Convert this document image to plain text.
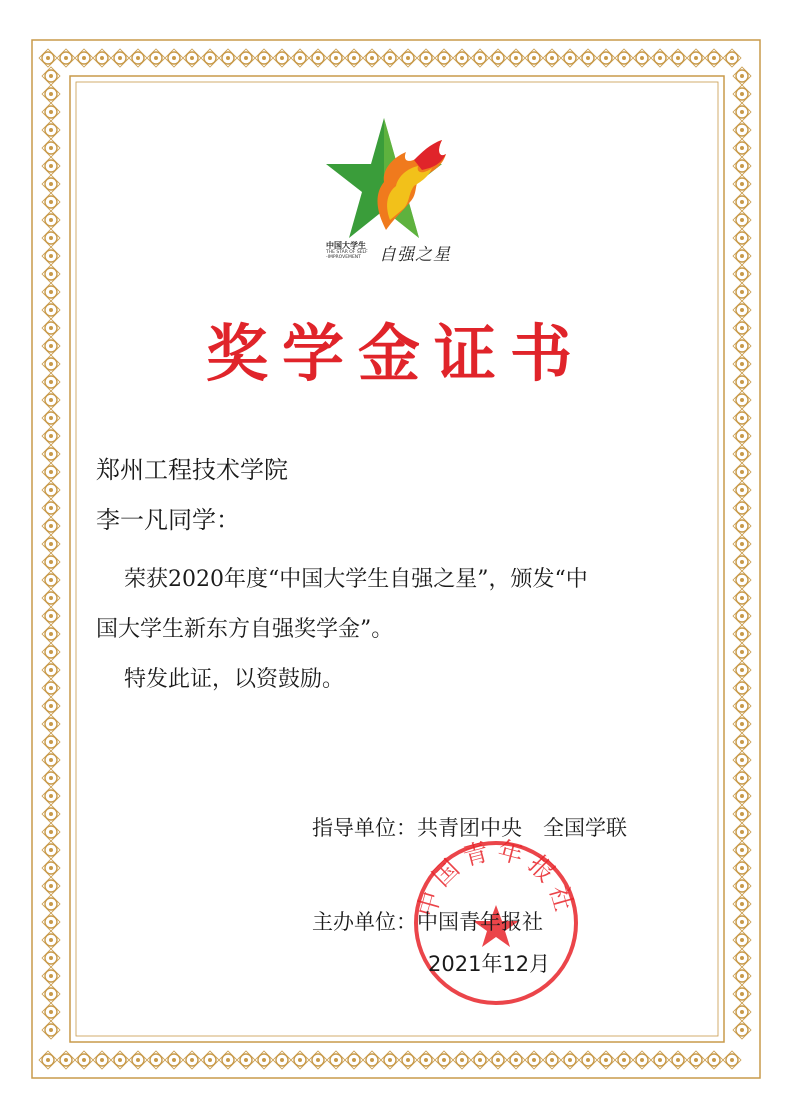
中国大学生
THE STAR OF SELF
-IMPROVEMENT	自强之星
奖学金证书
郑州工程技术学院
李一凡同学：
荣获2020年度“中国大学生自强之星”，颁发“中
国大学生新东方自强奖学金”。
特发此证，以资鼓励。
中国青年报社
指导单位：共青团中央　全国学联
主办单位：中国青年报社
2021年12月
